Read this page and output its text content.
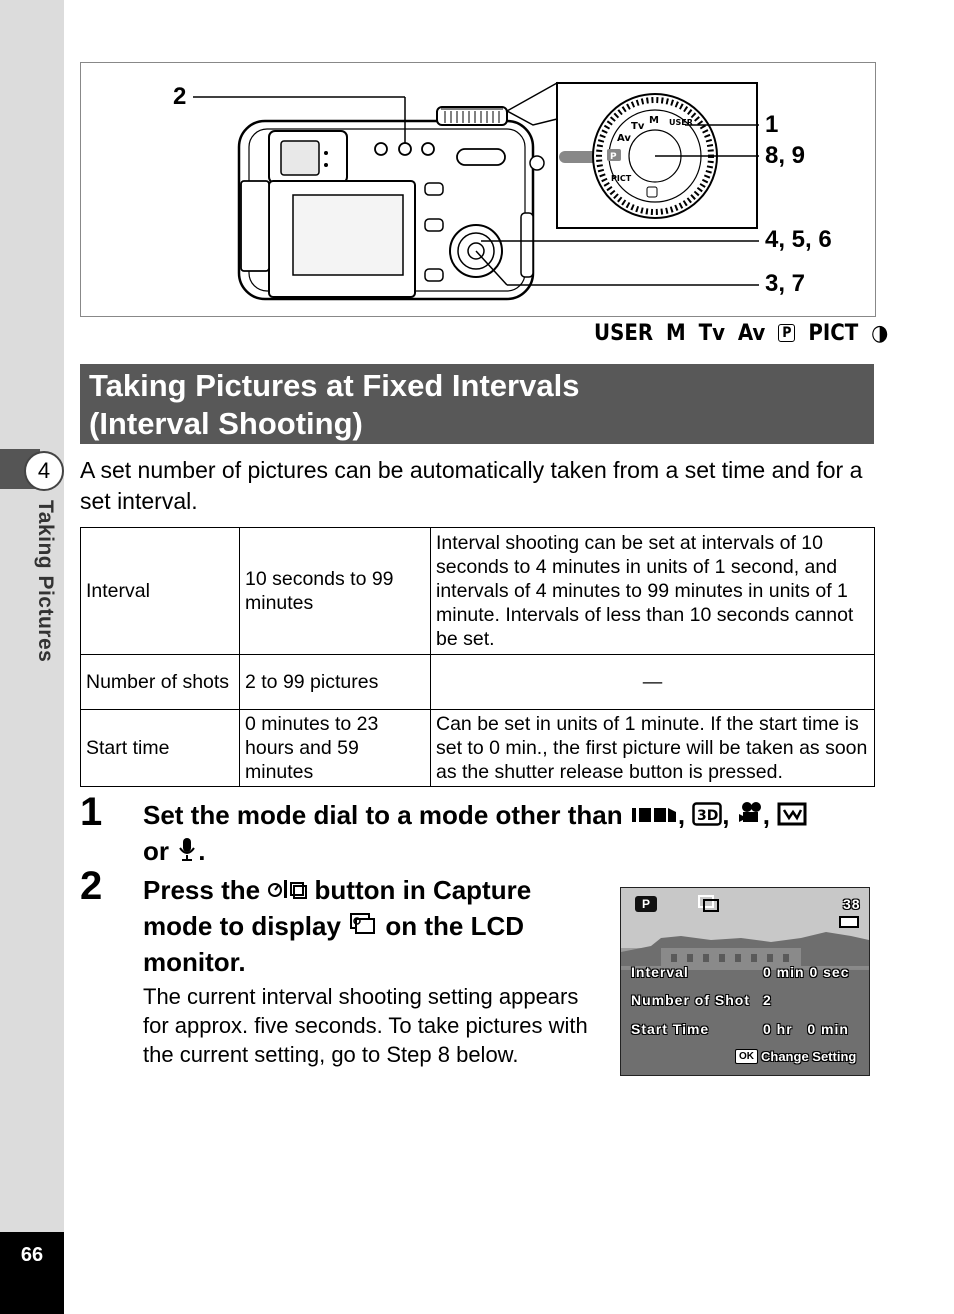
4
Taking Pictures
66
P
Tv
Av
M USER
PICT
2
1
8, 9
4, 5, 6
3, 7
USER M Tv Av P PICT ◑
Taking Pictures at Fixed Intervals
(Interval Shooting)
A set number of pictures can be automatically taken from a set time and for a set interval.
Interval	10 seconds to 99 minutes	Interval shooting can be set at intervals of 10 seconds to 4 minutes in units of 1 second, and intervals of 4 minutes to 99 minutes in units of 1 minute. Intervals of less than 10 seconds cannot be set.
Number of shots	2 to 99 pictures	—
Start time	0 minutes to 23 hours and 59 minutes	Can be set in units of 1 minute. If the start time is set to 0 min., the first picture will be taken as soon as the shutter release button is pressed.
1 Set the mode dial to a mode other than , 3D , ,
or .
2 Press the button in Capture
mode to display on the LCD
monitor.
The current interval shooting setting appears for approx. five seconds. To take pictures with the current setting, go to Step 8 below.
P	38
Interval	0 min 0 sec
Number of Shot 2
Start Time	0 hr   0 min
OK Change Setting
